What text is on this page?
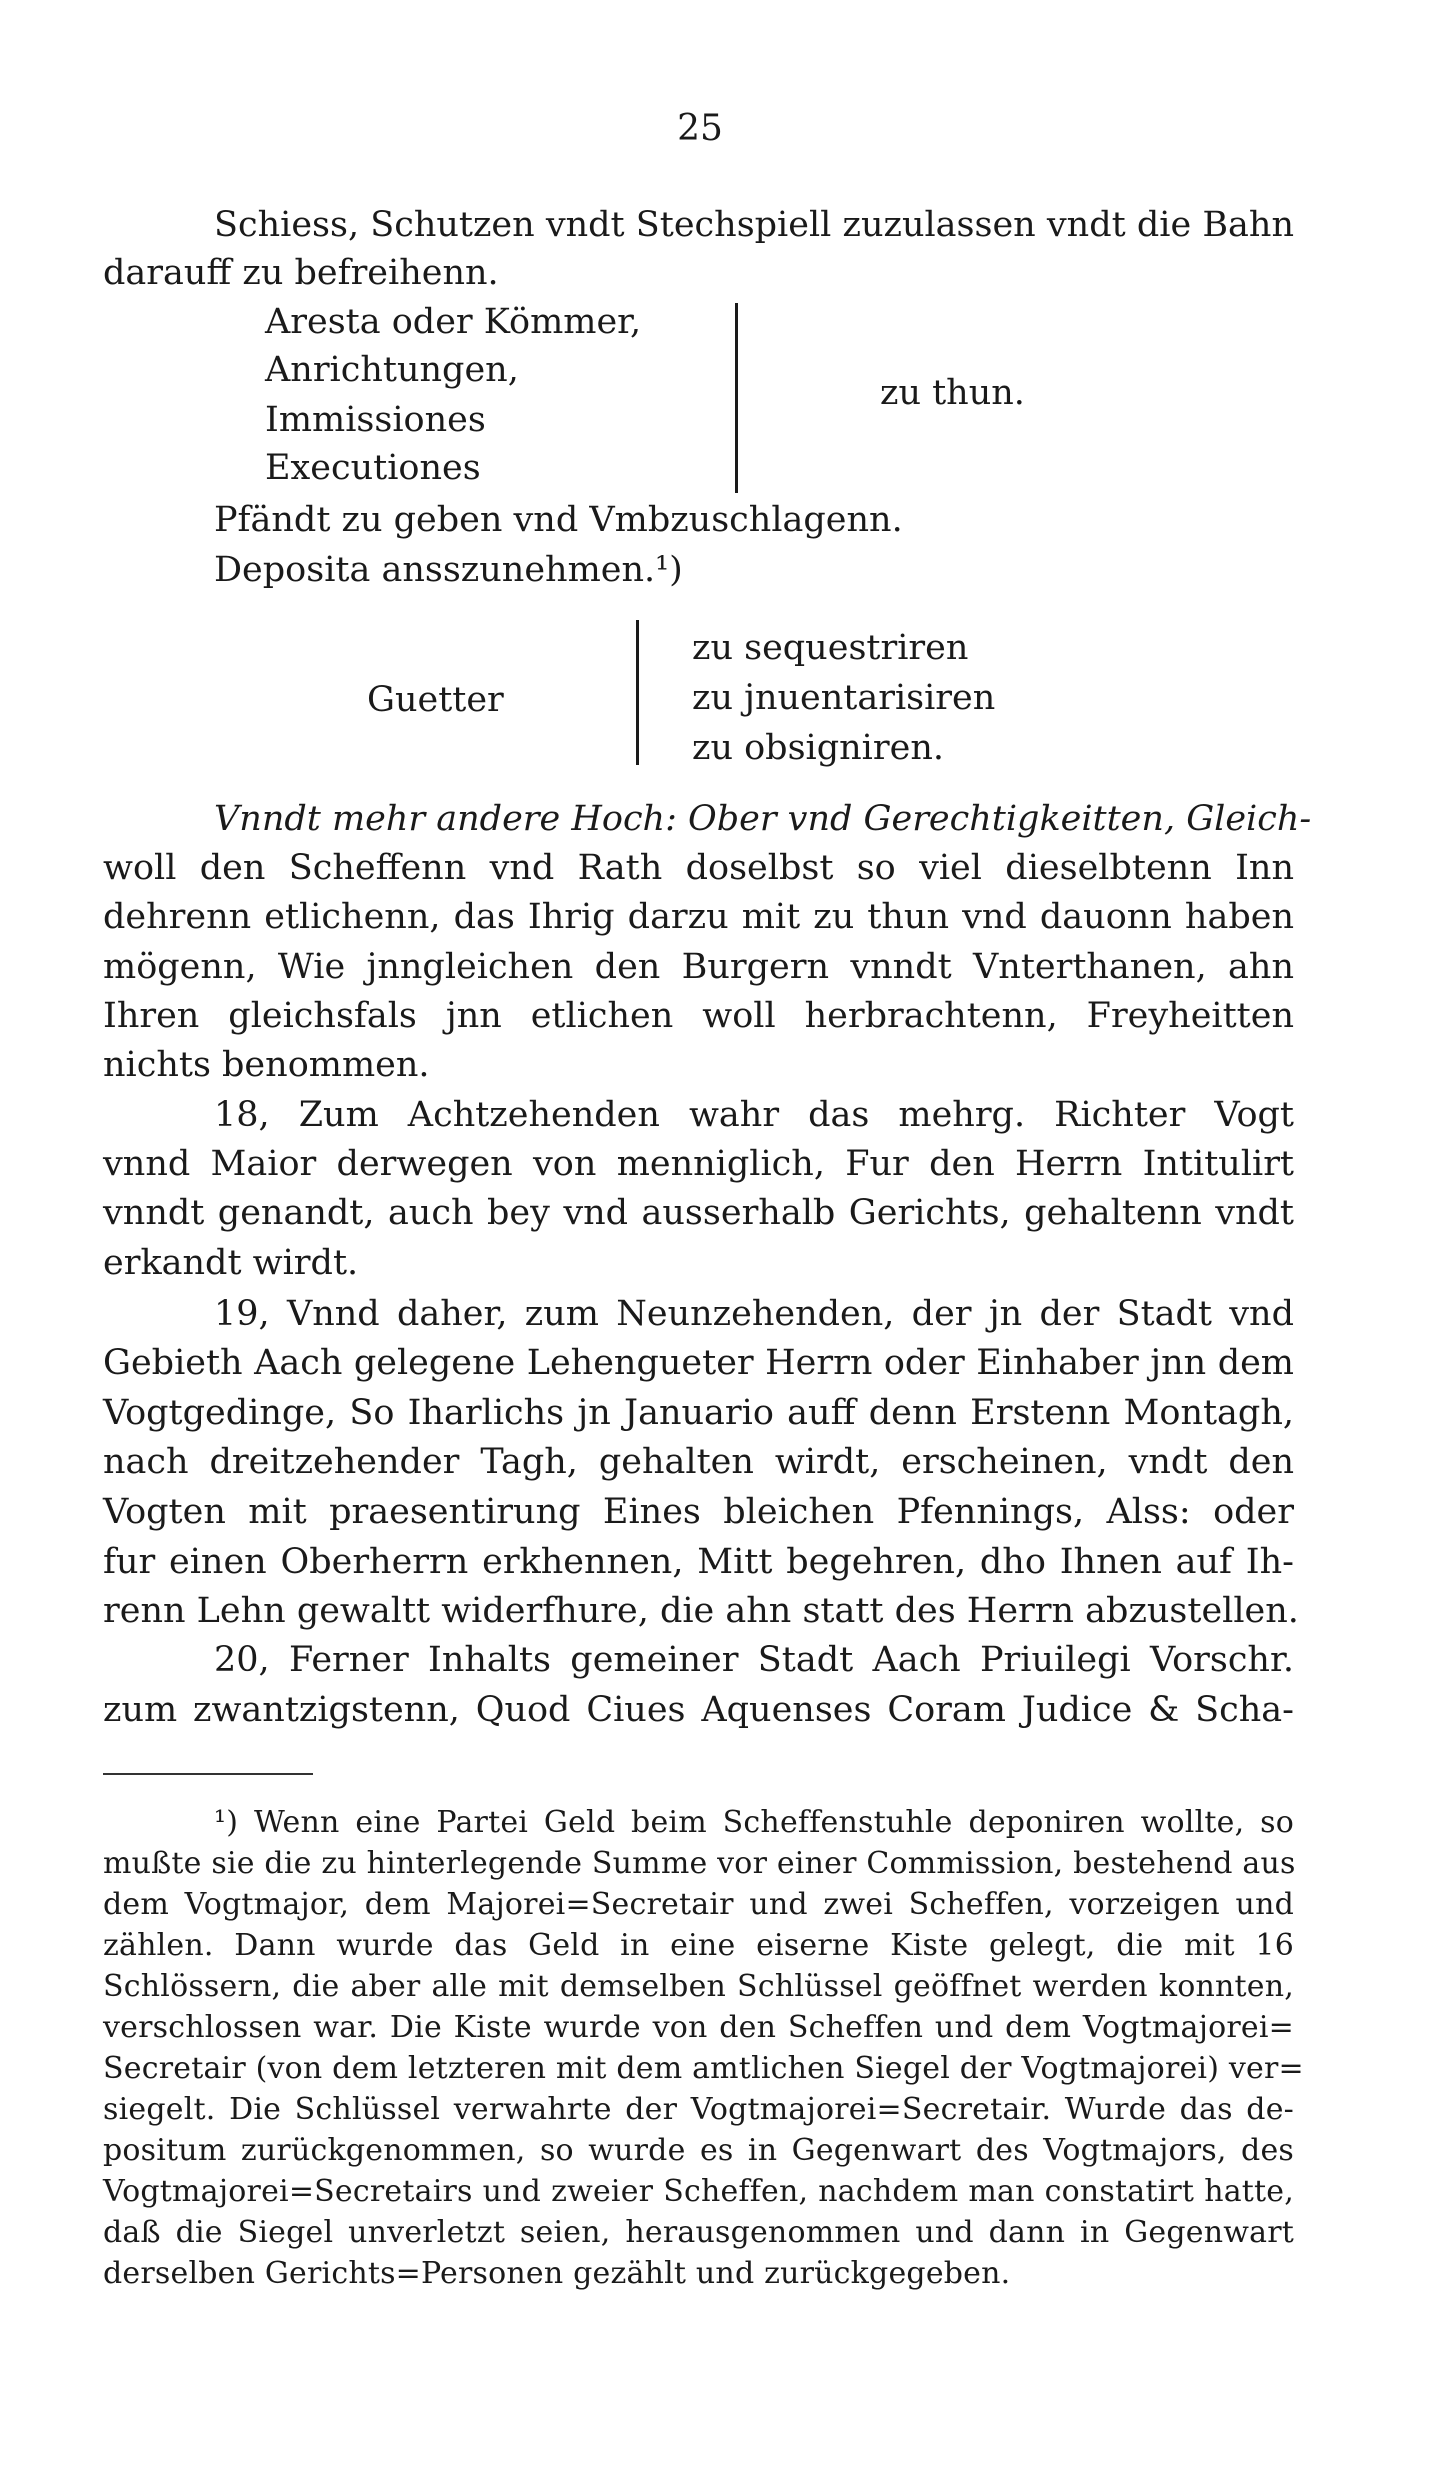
25
Schiess, Schutzen vndt Stechspiell zuzulassen vndt die Bahn
darauff zu befreihenn.
Aresta oder Kömmer,
Anrichtungen,
Immissiones
Executiones
zu thun.
Pfändt zu geben vnd Vmbzuschlagenn.
Deposita ansszunehmen.¹)
Guetter
zu sequestriren
zu jnuentarisiren
zu obsigniren.
Vnndt mehr andere Hoch: Ober vnd Gerechtigkeitten, Gleich-
woll den Scheffenn vnd Rath doselbst so viel dieselbtenn Inn
dehrenn etlichenn, das Ihrig darzu mit zu thun vnd dauonn haben
mögenn, Wie jnngleichen den Burgern vnndt Vnterthanen, ahn
Ihren gleichsfals jnn etlichen woll herbrachtenn, Freyheitten
nichts benommen.
18, Zum Achtzehenden wahr das mehrg. Richter Vogt
vnnd Maior derwegen von menniglich, Fur den Herrn Intitulirt
vnndt genandt, auch bey vnd ausserhalb Gerichts, gehaltenn vndt
erkandt wirdt.
19, Vnnd daher, zum Neunzehenden, der jn der Stadt vnd
Gebieth Aach gelegene Lehengueter Herrn oder Einhaber jnn dem
Vogtgedinge, So Iharlichs jn Januario auff denn Erstenn Montagh,
nach dreitzehender Tagh, gehalten wirdt, erscheinen, vndt den
Vogten mit praesentirung Eines bleichen Pfennings, Alss: oder
fur einen Oberherrn erkhennen, Mitt begehren, dho Ihnen auf Ih-
renn Lehn gewaltt widerfhure, die ahn statt des Herrn abzustellen.
20, Ferner Inhalts gemeiner Stadt Aach Priuilegi Vorschr.
zum zwantzigstenn, Quod Ciues Aquenses Coram Judice & Scha-
¹) Wenn eine Partei Geld beim Scheffenstuhle deponiren wollte, so
mußte sie die zu hinterlegende Summe vor einer Commission, bestehend aus
dem Vogtmajor, dem Majorei=Secretair und zwei Scheffen, vorzeigen und
zählen. Dann wurde das Geld in eine eiserne Kiste gelegt, die mit 16
Schlössern, die aber alle mit demselben Schlüssel geöffnet werden konnten,
verschlossen war. Die Kiste wurde von den Scheffen und dem Vogtmajorei=
Secretair (von dem letzteren mit dem amtlichen Siegel der Vogtmajorei) ver=
siegelt. Die Schlüssel verwahrte der Vogtmajorei=Secretair. Wurde das de-
positum zurückgenommen, so wurde es in Gegenwart des Vogtmajors, des
Vogtmajorei=Secretairs und zweier Scheffen, nachdem man constatirt hatte,
daß die Siegel unverletzt seien, herausgenommen und dann in Gegenwart
derselben Gerichts=Personen gezählt und zurückgegeben.
